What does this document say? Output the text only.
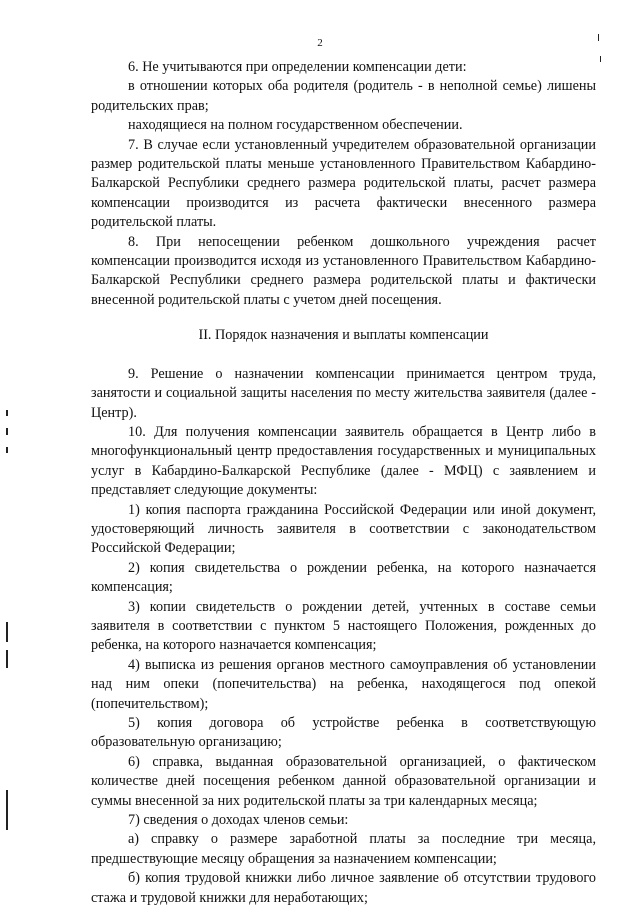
2

6. Не учитываются при определении компенсации дети:

в отношении которых оба родителя (родитель - в неполной семье) лишены родительских прав;

находящиеся на полном государственном обеспечении.

7. В случае если установленный учредителем образовательной организации размер родительской платы меньше установленного Правительством Кабардино-Балкарской Республики среднего размера родительской платы, расчет размера компенсации производится из расчета фактически внесенного размера родительской платы.

8. При непосещении ребенком дошкольного учреждения расчет компенсации производится исходя из установленного Правительством Кабардино-Балкарской Республики среднего размера родительской платы и фактически внесенной родительской платы с учетом дней посещения.

II. Порядок назначения и выплаты компенсации

9. Решение о назначении компенсации принимается центром труда, занятости и социальной защиты населения по месту жительства заявителя (далее - Центр).

10. Для получения компенсации заявитель обращается в Центр либо в многофункциональный центр предоставления государственных и муниципальных услуг в Кабардино-Балкарской Республике (далее - МФЦ) с заявлением и представляет следующие документы:

1) копия паспорта гражданина Российской Федерации или иной документ, удостоверяющий личность заявителя в соответствии с законодательством Российской Федерации;

2) копия свидетельства о рождении ребенка, на которого назначается компенсация;

3) копии свидетельств о рождении детей, учтенных в составе семьи заявителя в соответствии с пунктом 5 настоящего Положения, рожденных до ребенка, на которого назначается компенсация;

4) выписка из решения органов местного самоуправления об установлении над ним опеки (попечительства) на ребенка, находящегося под опекой (попечительством);

5) копия договора об устройстве ребенка в соответствующую образовательную организацию;

6) справка, выданная образовательной организацией, о фактическом количестве дней посещения ребенком данной образовательной организации и суммы внесенной за них родительской платы за три календарных месяца;

7) сведения о доходах членов семьи:

а) справку о размере заработной платы за последние три месяца, предшествующие месяцу обращения за назначением компенсации;

б) копия трудовой книжки либо личное заявление об отсутствии трудового стажа и трудовой книжки для неработающих;
